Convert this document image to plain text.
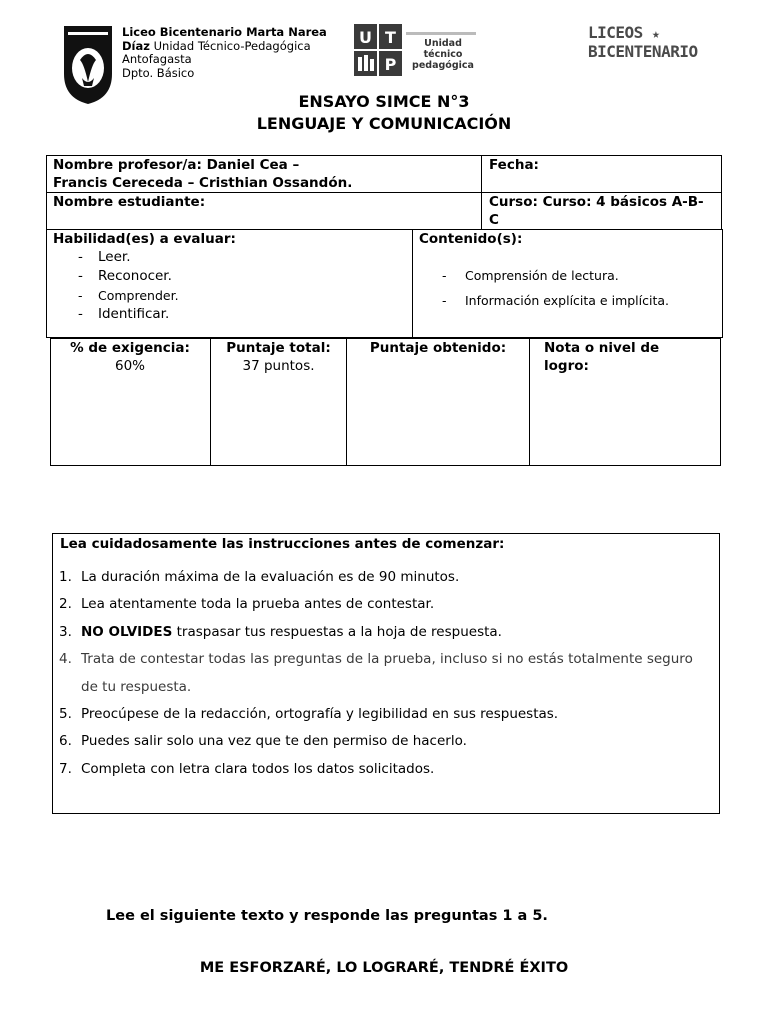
Liceo Bicentenario Marta Narea
Díaz Unidad Técnico-Pedagógica
Antofagasta
Dpto. Básico
U T
P
Unidad técnico
pedagógica
LICEOS ★
BICENTENARIO
ENSAYO SIMCE N°3
LENGUAJE Y COMUNICACIÓN
Nombre profesor/a: Daniel Cea –
Francis Cereceda – Cristhian Ossandón.
Fecha:
Nombre estudiante:	Curso: Curso: 4 básicos A-B-
C
Habilidad(es) a evaluar:
- Leer.
- Reconocer.
- Comprender.
- Identificar.
Contenido(s):
- Comprensión de lectura.
- Información explícita e implícita.
% de exigencia:
60%
Puntaje total:
37 puntos.
Puntaje obtenido:	Nota o nivel de
logro:
Lea cuidadosamente las instrucciones antes de comenzar:
1. La duración máxima de la evaluación es de 90 minutos.
2. Lea atentamente toda la prueba antes de contestar.
3. NO OLVIDES traspasar tus respuestas a la hoja de respuesta.
4. Trata de contestar todas las preguntas de la prueba, incluso si no estás totalmente seguro de tu respuesta.
5. Preocúpese de la redacción, ortografía y legibilidad en sus respuestas.
6. Puedes salir solo una vez que te den permiso de hacerlo.
7. Completa con letra clara todos los datos solicitados.
Lee el siguiente texto y responde las preguntas 1 a 5.
ME ESFORZARÉ, LO LOGRARÉ, TENDRÉ ÉXITO
